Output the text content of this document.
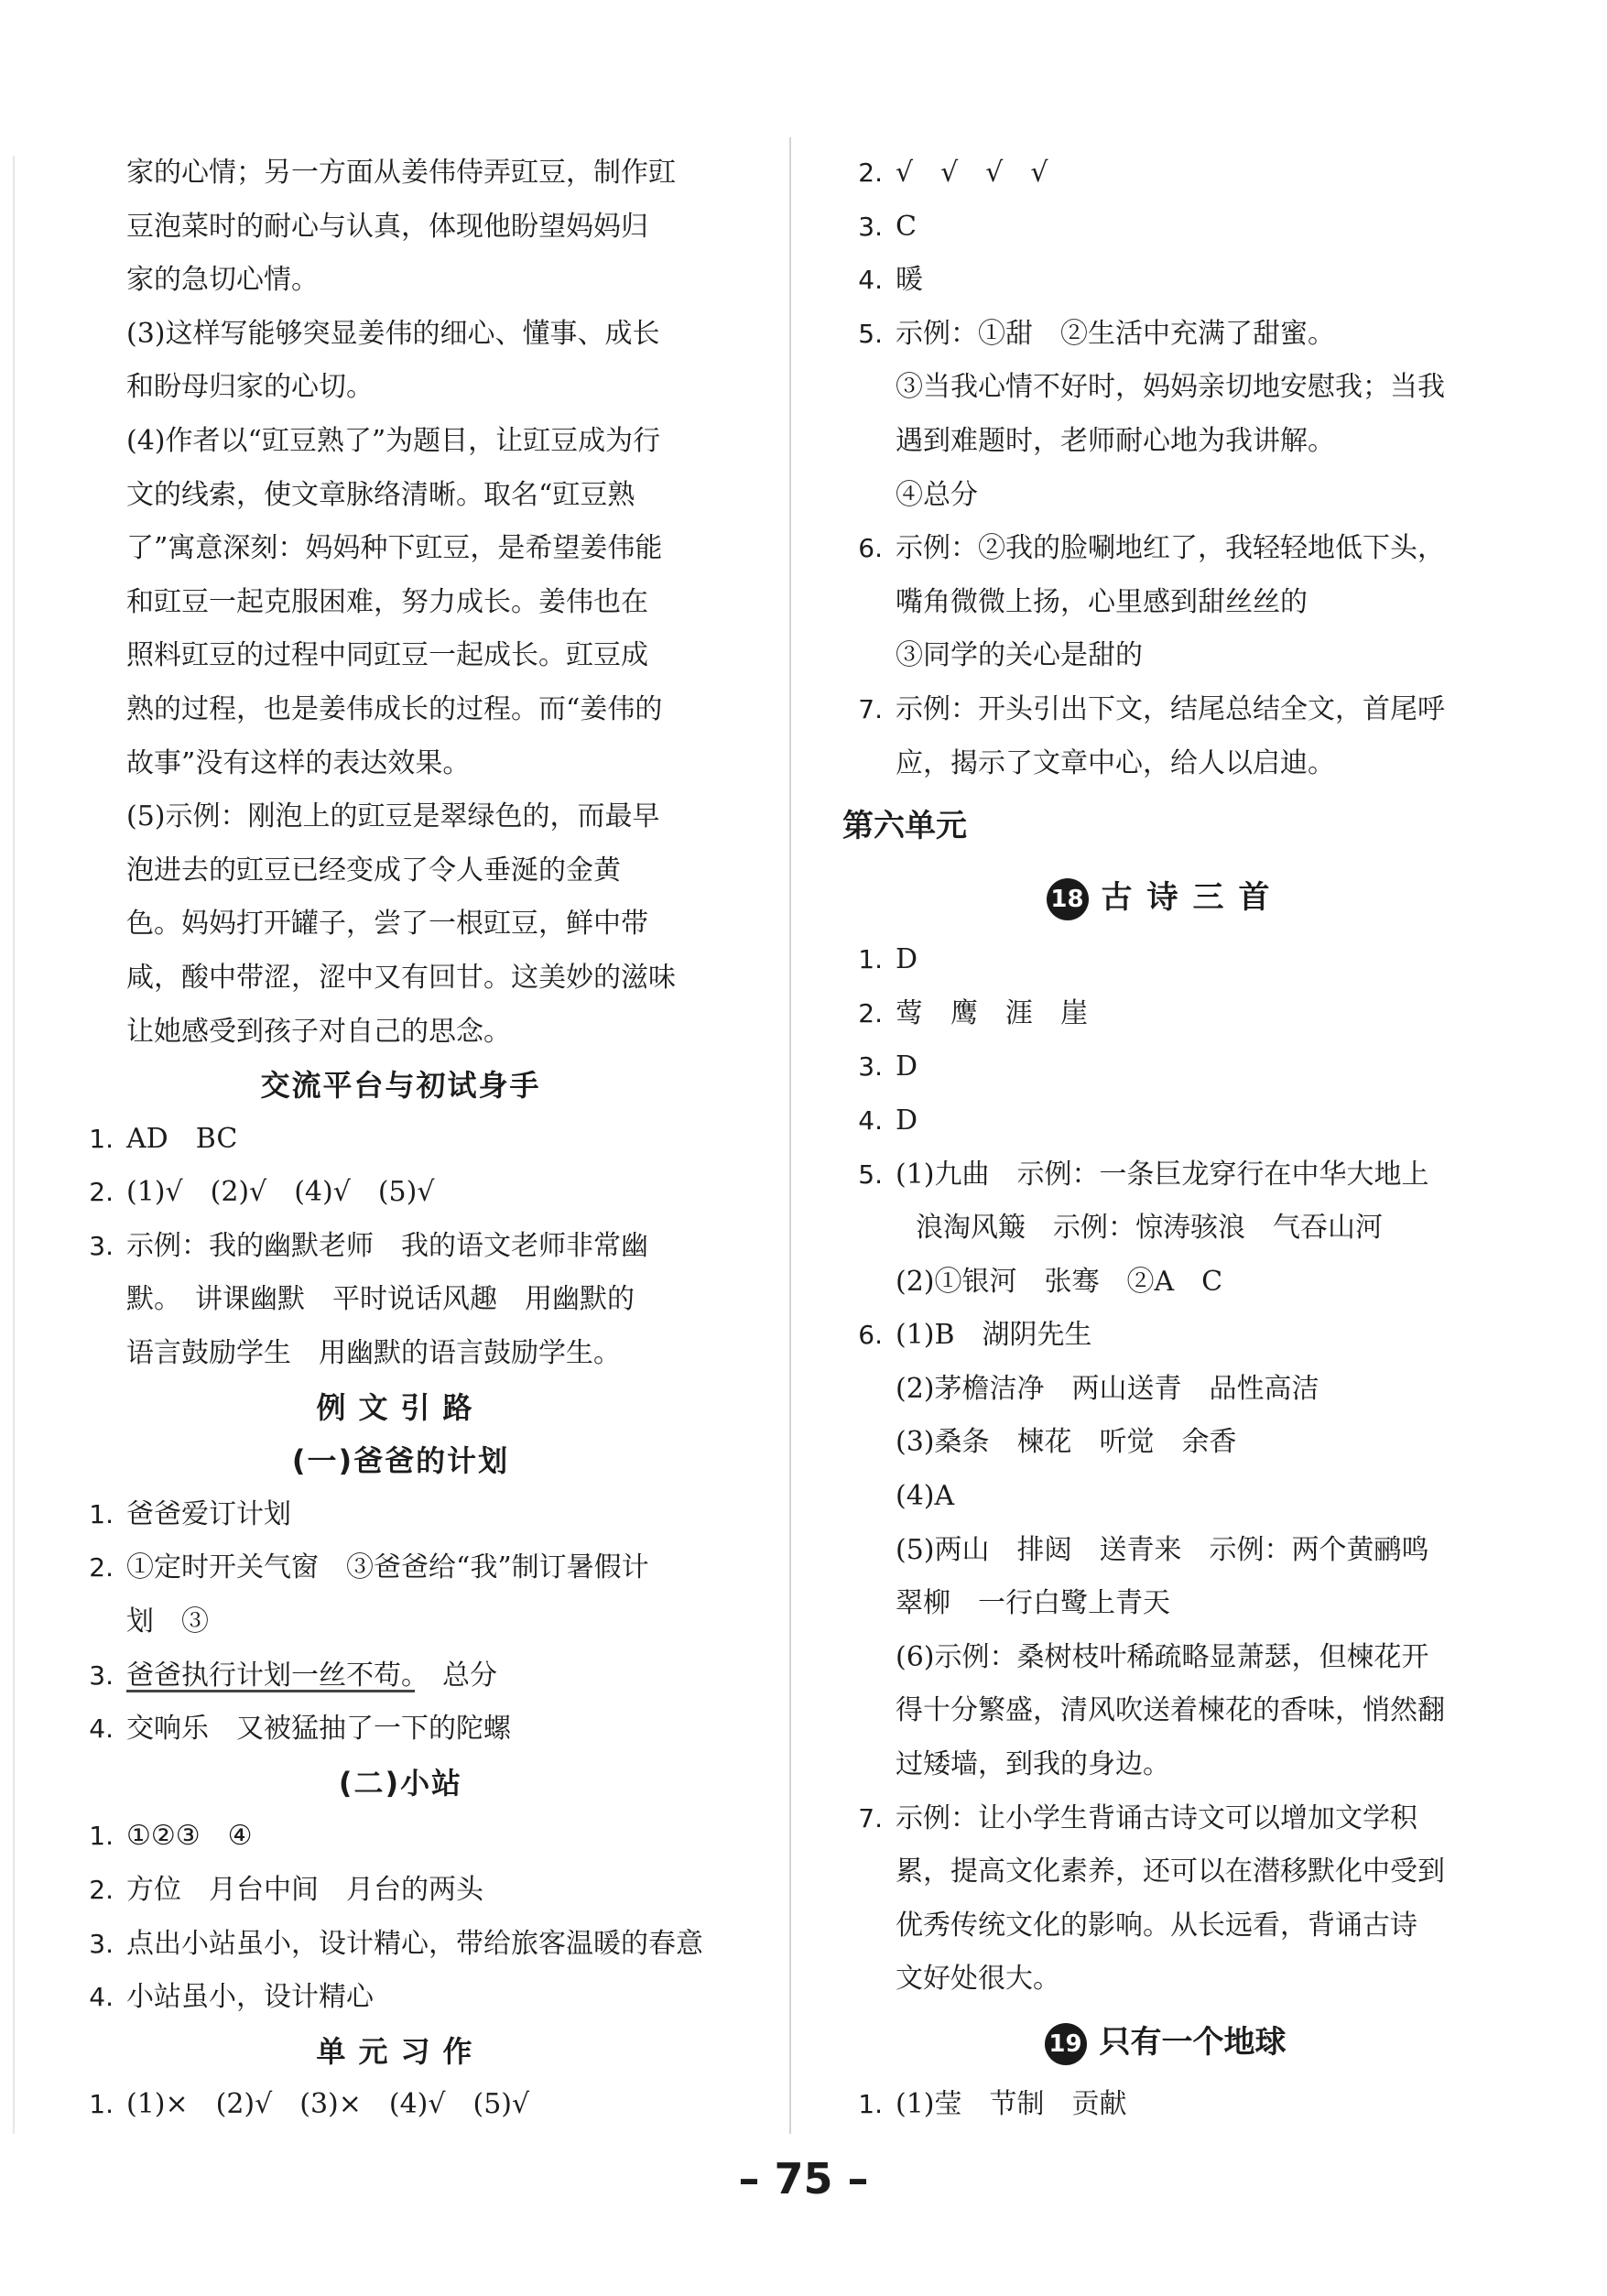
家的心情；另一方面从姜伟侍弄豇豆，制作豇
豆泡菜时的耐心与认真，体现他盼望妈妈归
家的急切心情。
(3)这样写能够突显姜伟的细心、懂事、成长
和盼母归家的心切。
(4)作者以“豇豆熟了”为题目，让豇豆成为行
文的线索，使文章脉络清晰。取名“豇豆熟
了”寓意深刻：妈妈种下豇豆，是希望姜伟能
和豇豆一起克服困难，努力成长。姜伟也在
照料豇豆的过程中同豇豆一起成长。豇豆成
熟的过程，也是姜伟成长的过程。而“姜伟的
故事”没有这样的表达效果。
(5)示例：刚泡上的豇豆是翠绿色的，而最早
泡进去的豇豆已经变成了令人垂涎的金黄
色。妈妈打开罐子，尝了一根豇豆，鲜中带
咸，酸中带涩，涩中又有回甘。这美妙的滋味
让她感受到孩子对自己的思念。
交流平台与初试身手
1. AD　BC
2. (1)√　(2)√　(4)√　(5)√
3. 示例：我的幽默老师　我的语文老师非常幽
默。　讲课幽默　平时说话风趣　用幽默的
语言鼓励学生　用幽默的语言鼓励学生。
例文引路
(一)爸爸的计划
1. 爸爸爱订计划
2. ①定时开关气窗　③爸爸给“我”制订暑假计
划　③
3. 爸爸执行计划一丝不苟。　总分
4. 交响乐　又被猛抽了一下的陀螺
(二)小站
1. ①②③　④
2. 方位　月台中间　月台的两头
3. 点出小站虽小，设计精心，带给旅客温暖的春意
4. 小站虽小，设计精心
单元习作
1. (1)×　(2)√　(3)×　(4)√　(5)√
2. √　√　√　√
3. C
4. 暖
5. 示例：①甜　②生活中充满了甜蜜。
③当我心情不好时，妈妈亲切地安慰我；当我
遇到难题时，老师耐心地为我讲解。
④总分
6. 示例：②我的脸唰地红了，我轻轻地低下头，
嘴角微微上扬，心里感到甜丝丝的
③同学的关心是甜的
7. 示例：开头引出下文，结尾总结全文，首尾呼
应，揭示了文章中心，给人以启迪。
第六单元
18 古诗三首
1. D
2. 莺　鹰　涯　崖
3. D
4. D
5. (1)九曲　示例：一条巨龙穿行在中华大地上
浪淘风簸　示例：惊涛骇浪　气吞山河
(2)①银河　张骞　②A　C
6. (1)B　湖阴先生
(2)茅檐洁净　两山送青　品性高洁
(3)桑条　楝花　听觉　余香
(4)A
(5)两山　排闼　送青来　示例：两个黄鹂鸣
翠柳　一行白鹭上青天
(6)示例：桑树枝叶稀疏略显萧瑟，但楝花开
得十分繁盛，清风吹送着楝花的香味，悄然翻
过矮墙，到我的身边。
7. 示例：让小学生背诵古诗文可以增加文学积
累，提高文化素养，还可以在潜移默化中受到
优秀传统文化的影响。从长远看，背诵古诗
文好处很大。
19 只有一个地球
1. (1)莹　节制　贡献
– 75 –
